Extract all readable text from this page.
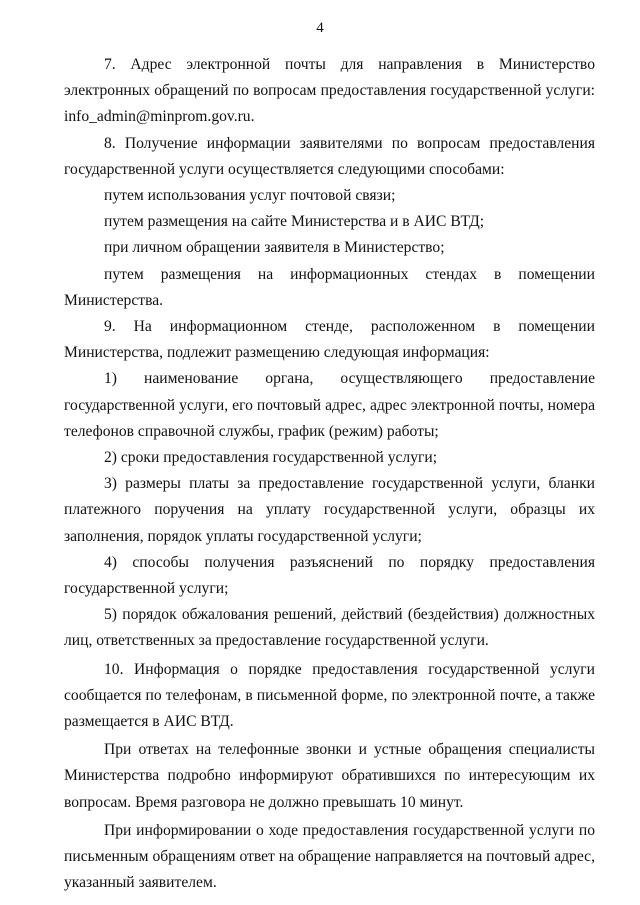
4

7. Адрес электронной почты для направления в Министерство электронных обращений по вопросам предоставления государственной услуги: info_admin@minprom.gov.ru.

8. Получение информации заявителями по вопросам предоставления государственной услуги осуществляется следующими способами:

путем использования услуг почтовой связи;

путем размещения на сайте Министерства и в АИС ВТД;

при личном обращении заявителя в Министерство;

путем размещения на информационных стендах в помещении Министерства.

9. На информационном стенде, расположенном в помещении Министерства, подлежит размещению следующая информация:

1) наименование органа, осуществляющего предоставление государственной услуги, его почтовый адрес, адрес электронной почты, номера телефонов справочной службы, график (режим) работы;

2) сроки предоставления государственной услуги;

3) размеры платы за предоставление государственной услуги, бланки платежного поручения на уплату государственной услуги, образцы их заполнения, порядок уплаты государственной услуги;

4) способы получения разъяснений по порядку предоставления государственной услуги;

5) порядок обжалования решений, действий (бездействия) должностных лиц, ответственных за предоставление государственной услуги.

10. Информация о порядке предоставления государственной услуги сообщается по телефонам, в письменной форме, по электронной почте, а также размещается в АИС ВТД.

При ответах на телефонные звонки и устные обращения специалисты Министерства подробно информируют обратившихся по интересующим их вопросам. Время разговора не должно превышать 10 минут.

При информировании о ходе предоставления государственной услуги по письменным обращениям ответ на обращение направляется на почтовый адрес, указанный заявителем.
